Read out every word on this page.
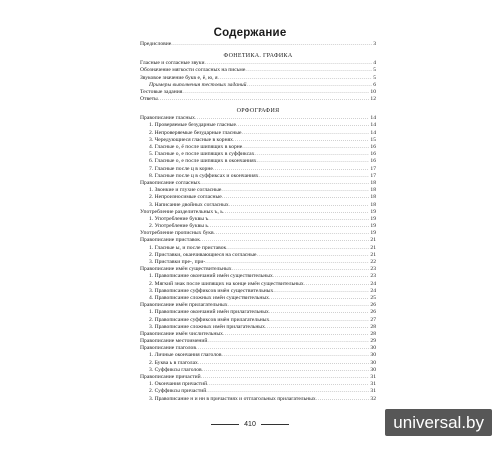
Содержание
Предисловие .....	3
ФОНЕТИКА. ГРАФИКА
Гласные и согласные звуки .....	4
Обозначение мягкости согласных на письме .....	5
Звуковое значение букв е, ё, ю, я .....	5
Примеры выполнения тестовых заданий .....	6
Тестовые задания .....	10
Ответы .....	12
ОРФОГРАФИЯ
Правописание гласных .....	14
1. Проверяемые безударные гласные .....	14
2. Непроверяемые безударные гласные .....	14
3. Чередующиеся гласные в корнях .....	15
4. Гласные о, ё после шипящих в корне .....	16
5. Гласные о, е после шипящих в суффиксах .....	16
6. Гласные о, е после шипящих в окончаниях .....	16
7. Гласные после ц в корне .....	17
8. Гласные после ц в суффиксах и окончаниях .....	17
Правописание согласных .....	18
1. Звонкие и глухие согласные .....	18
2. Непроизносимые согласные .....	18
3. Написание двойных согласных .....	18
Употребление разделительных ъ, ь .....	19
1. Употребление буквы ъ .....	19
2. Употребление буквы ь .....	19
Употребление прописных букв .....	19
Правописание приставок .....	21
1. Гласные ы, и после приставок .....	21
2. Приставки, оканчивающиеся на согласные .....	21
3. Приставки пре-, при- .....	22
Правописание имён существительных .....	23
1. Правописание окончаний имён существительных .....	23
2. Мягкий знак после шипящих на конце имён существительных .....	24
3. Правописание суффиксов имён существительных .....	24
4. Правописание сложных имён существительных .....	25
Правописание имён прилагательных .....	26
1. Правописание окончаний имён прилагательных .....	26
2. Правописание суффиксов имён прилагательных .....	27
3. Правописание сложных имён прилагательных .....	28
Правописание имён числительных .....	28
Правописание местоимений .....	29
Правописание глаголов .....	30
1. Личные окончания глаголов .....	30
2. Буква ь в глаголах .....	30
3. Суффиксы глаголов .....	30
Правописание причастий .....	31
1. Окончания причастий .....	31
2. Суффиксы причастий .....	31
3. Правописание н и нн в причастиях и отглагольных прилагательных .....	32
410	universal.by
